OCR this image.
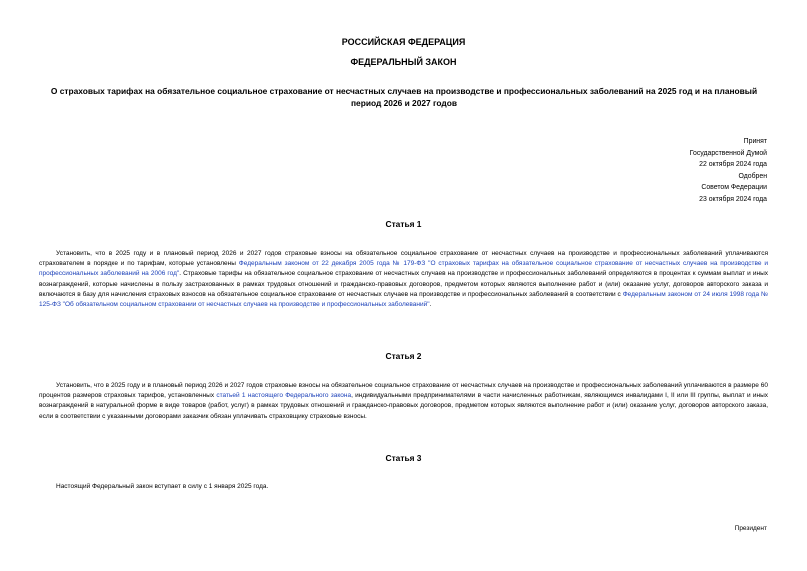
РОССИЙСКАЯ ФЕДЕРАЦИЯ
ФЕДЕРАЛЬНЫЙ ЗАКОН
О страховых тарифах на обязательное социальное страхование от несчастных случаев на производстве и профессиональных заболеваний на 2025 год и на плановый период 2026 и 2027 годов
Принят
Государственной Думой
22 октября 2024 года
Одобрен
Советом Федерации
23 октября 2024 года
Статья 1
Установить, что в 2025 году и в плановый период 2026 и 2027 годов страховые взносы на обязательное социальное страхование от несчастных случаев на производстве и профессиональных заболеваний уплачиваются страхователем в порядке и по тарифам, которые установлены Федеральным законом от 22 декабря 2005 года № 179-ФЗ "О страховых тарифах на обязательное социальное страхование от несчастных случаев на производстве и профессиональных заболеваний на 2006 год". Страховые тарифы на обязательное социальное страхование от несчастных случаев на производстве и профессиональных заболеваний определяются в процентах к суммам выплат и иных вознаграждений, которые начислены в пользу застрахованных в рамках трудовых отношений и гражданско-правовых договоров, предметом которых являются выполнение работ и (или) оказание услуг, договоров авторского заказа и включаются в базу для начисления страховых взносов на обязательное социальное страхование от несчастных случаев на производстве и профессиональных заболеваний в соответствии с Федеральным законом от 24 июля 1998 года № 125-ФЗ "Об обязательном социальном страховании от несчастных случаев на производстве и профессиональных заболеваний".
Статья 2
Установить, что в 2025 году и в плановый период 2026 и 2027 годов страховые взносы на обязательное социальное страхование от несчастных случаев на производстве и профессиональных заболеваний уплачиваются в размере 60 процентов размеров страховых тарифов, установленных статьей 1 настоящего Федерального закона, индивидуальными предпринимателями в части начисленных работникам, являющимся инвалидами I, II или III группы, выплат и иных вознаграждений в натуральной форме в виде товаров (работ, услуг) в рамках трудовых отношений и гражданско-правовых договоров, предметом которых являются выполнение работ и (или) оказание услуг, договоров авторского заказа, если в соответствии с указанными договорами заказчик обязан уплачивать страховщику страховые взносы.
Статья 3
Настоящий Федеральный закон вступает в силу с 1 января 2025 года.
Президент
